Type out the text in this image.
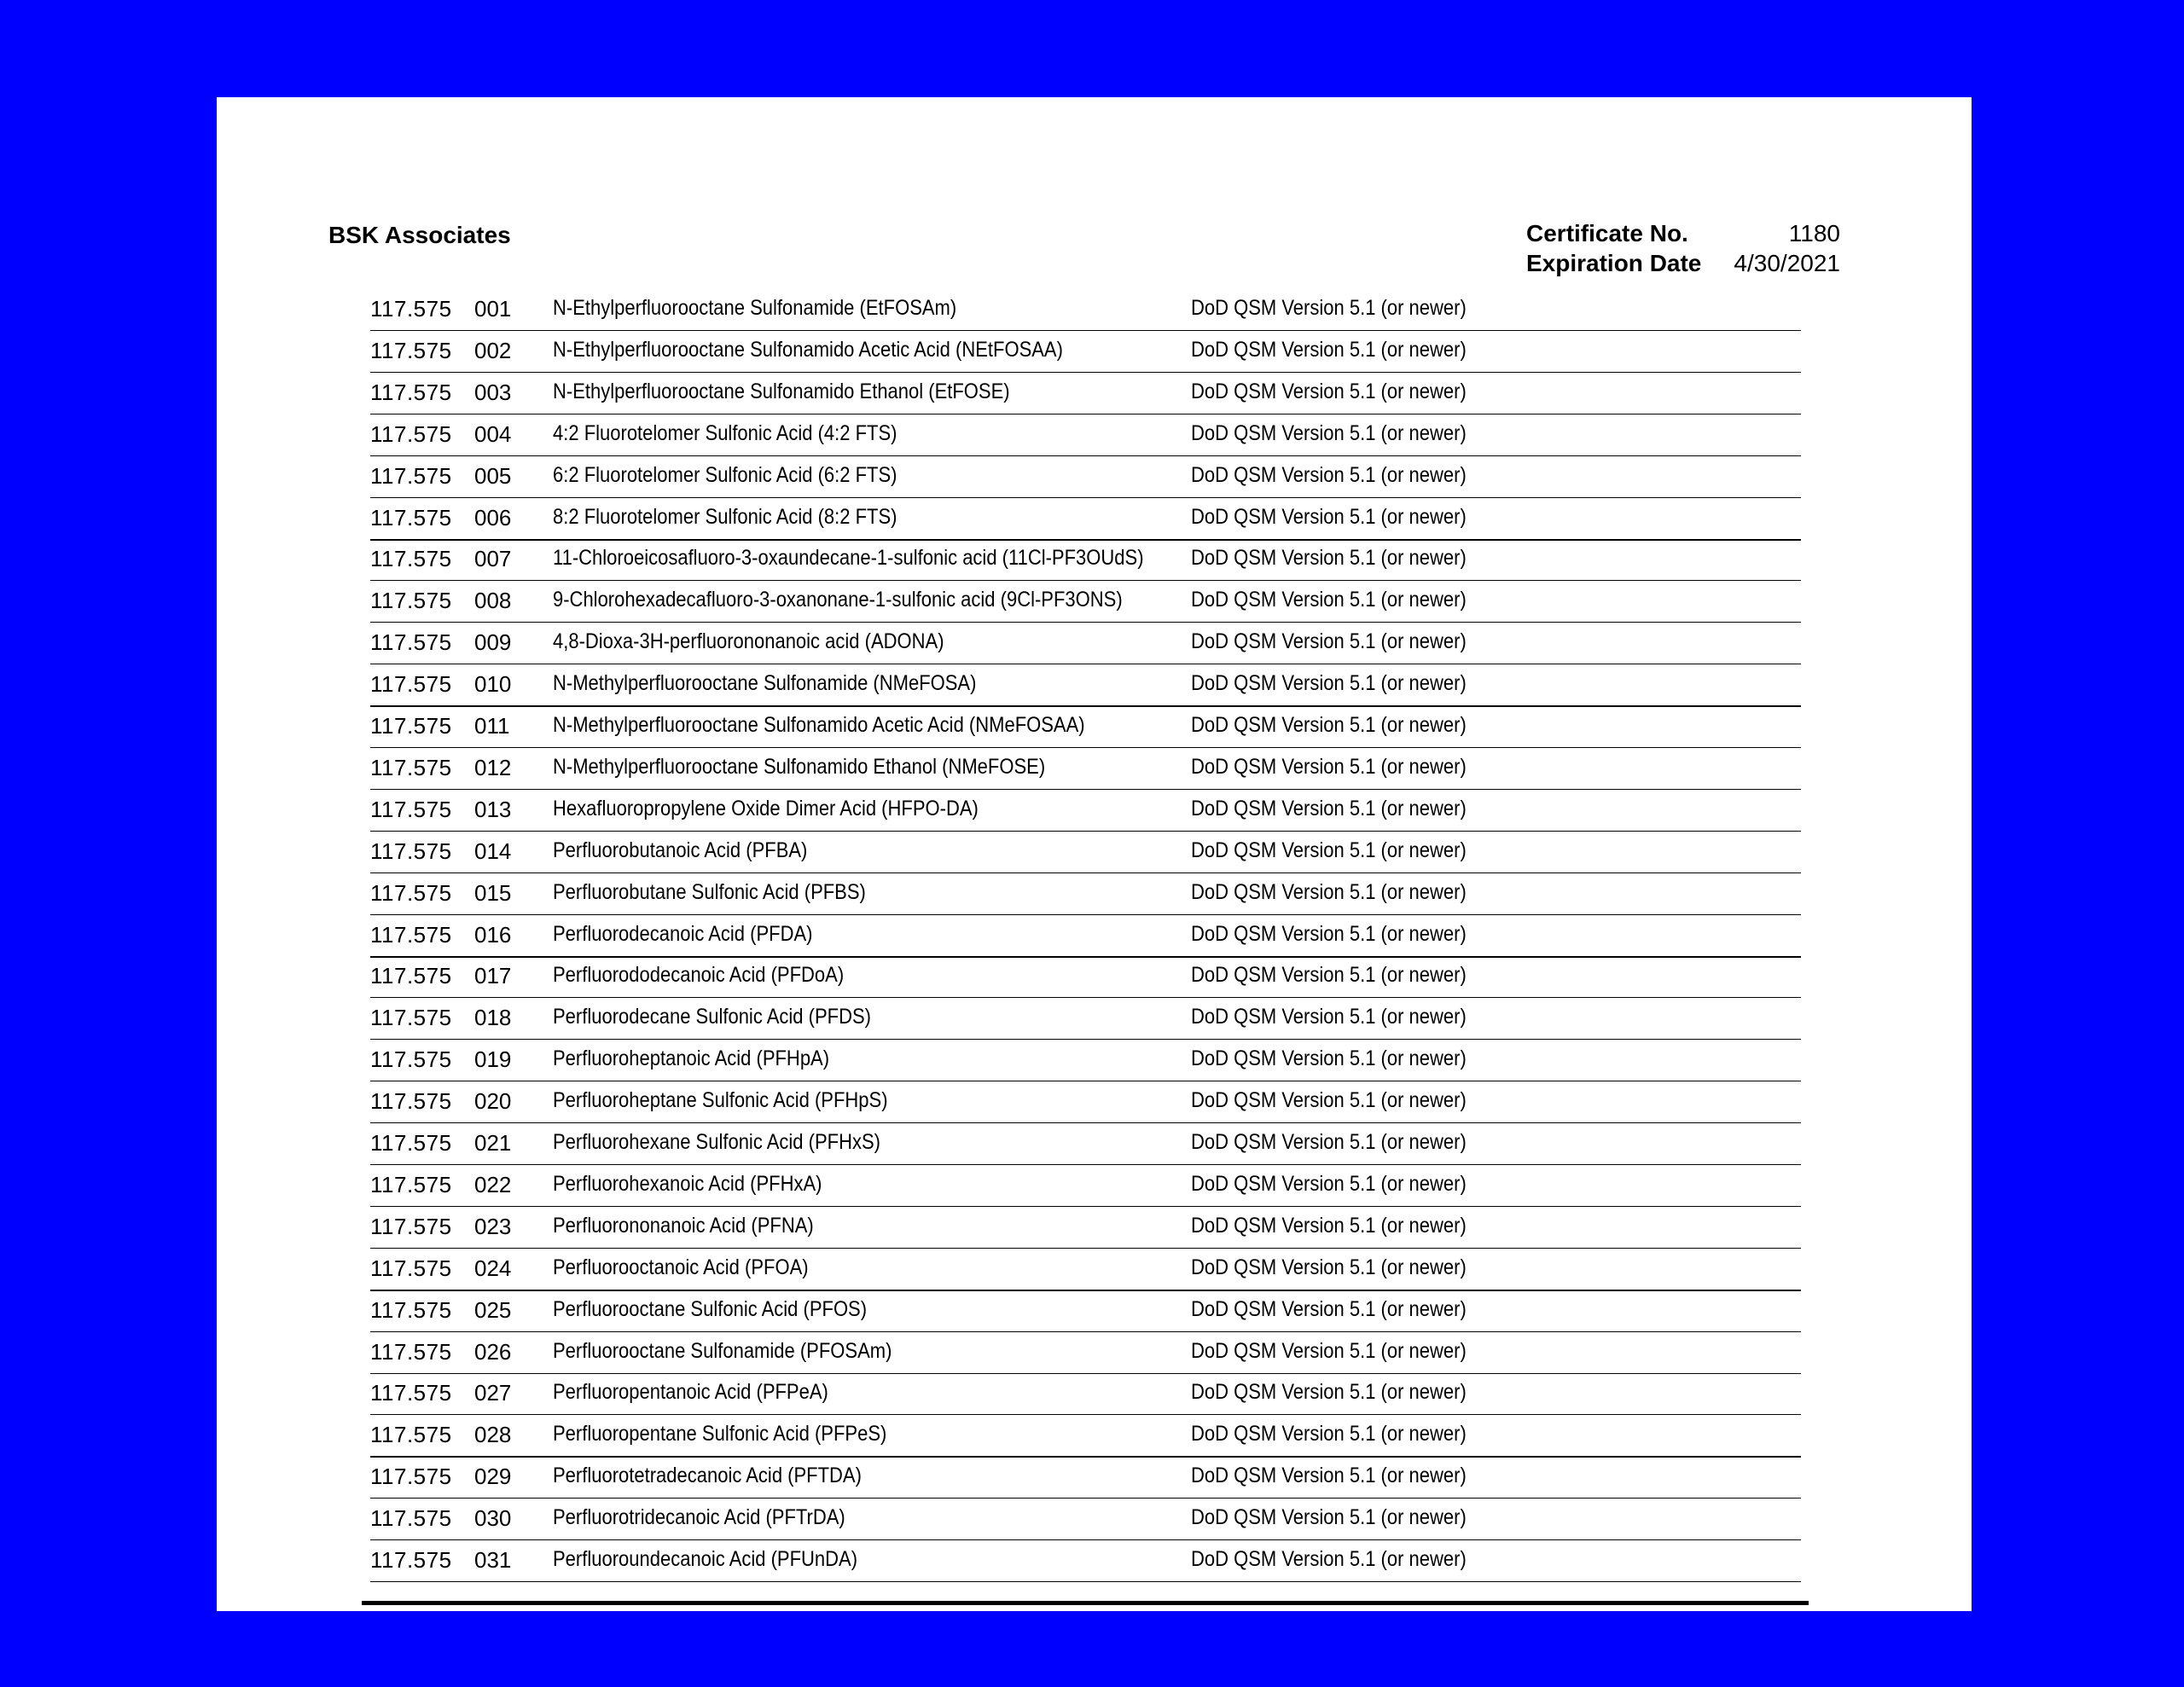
BSK Associates	Certificate No.	1180
Expiration Date 4/30/2021
117.575 001 N-Ethylperfluorooctane Sulfonamide (EtFOSAm)	DoD QSM Version 5.1 (or newer)
117.575 002 N-Ethylperfluorooctane Sulfonamido Acetic Acid (NEtFOSAA)	DoD QSM Version 5.1 (or newer)
117.575 003 N-Ethylperfluorooctane Sulfonamido Ethanol (EtFOSE)	DoD QSM Version 5.1 (or newer)
117.575 004 4:2 Fluorotelomer Sulfonic Acid (4:2 FTS)	DoD QSM Version 5.1 (or newer)
117.575 005 6:2 Fluorotelomer Sulfonic Acid (6:2 FTS)	DoD QSM Version 5.1 (or newer)
117.575 006 8:2 Fluorotelomer Sulfonic Acid (8:2 FTS)	DoD QSM Version 5.1 (or newer)
117.575 007 11-Chloroeicosafluoro-3-oxaundecane-1-sulfonic acid (11Cl-PF3OUdS) DoD QSM Version 5.1 (or newer)
117.575 008 9-Chlorohexadecafluoro-3-oxanonane-1-sulfonic acid (9Cl-PF3ONS)	DoD QSM Version 5.1 (or newer)
117.575 009 4,8-Dioxa-3H-perfluorononanoic acid (ADONA)	DoD QSM Version 5.1 (or newer)
117.575 010 N-Methylperfluorooctane Sulfonamide (NMeFOSA)	DoD QSM Version 5.1 (or newer)
117.575 011 N-Methylperfluorooctane Sulfonamido Acetic Acid (NMeFOSAA)	DoD QSM Version 5.1 (or newer)
117.575 012 N-Methylperfluorooctane Sulfonamido Ethanol (NMeFOSE)	DoD QSM Version 5.1 (or newer)
117.575 013 Hexafluoropropylene Oxide Dimer Acid (HFPO-DA)	DoD QSM Version 5.1 (or newer)
117.575 014 Perfluorobutanoic Acid (PFBA)	DoD QSM Version 5.1 (or newer)
117.575 015 Perfluorobutane Sulfonic Acid (PFBS)	DoD QSM Version 5.1 (or newer)
117.575 016 Perfluorodecanoic Acid (PFDA)	DoD QSM Version 5.1 (or newer)
117.575 017 Perfluorododecanoic Acid (PFDoA)	DoD QSM Version 5.1 (or newer)
117.575 018 Perfluorodecane Sulfonic Acid (PFDS)	DoD QSM Version 5.1 (or newer)
117.575 019 Perfluoroheptanoic Acid (PFHpA)	DoD QSM Version 5.1 (or newer)
117.575 020 Perfluoroheptane Sulfonic Acid (PFHpS)	DoD QSM Version 5.1 (or newer)
117.575 021 Perfluorohexane Sulfonic Acid (PFHxS)	DoD QSM Version 5.1 (or newer)
117.575 022 Perfluorohexanoic Acid (PFHxA)	DoD QSM Version 5.1 (or newer)
117.575 023 Perfluorononanoic Acid (PFNA)	DoD QSM Version 5.1 (or newer)
117.575 024 Perfluorooctanoic Acid (PFOA)	DoD QSM Version 5.1 (or newer)
117.575 025 Perfluorooctane Sulfonic Acid (PFOS)	DoD QSM Version 5.1 (or newer)
117.575 026 Perfluorooctane Sulfonamide (PFOSAm)	DoD QSM Version 5.1 (or newer)
117.575 027 Perfluoropentanoic Acid (PFPeA)	DoD QSM Version 5.1 (or newer)
117.575 028 Perfluoropentane Sulfonic Acid (PFPeS)	DoD QSM Version 5.1 (or newer)
117.575 029 Perfluorotetradecanoic Acid (PFTDA)	DoD QSM Version 5.1 (or newer)
117.575 030 Perfluorotridecanoic Acid (PFTrDA)	DoD QSM Version 5.1 (or newer)
117.575 031 Perfluoroundecanoic Acid (PFUnDA)	DoD QSM Version 5.1 (or newer)
